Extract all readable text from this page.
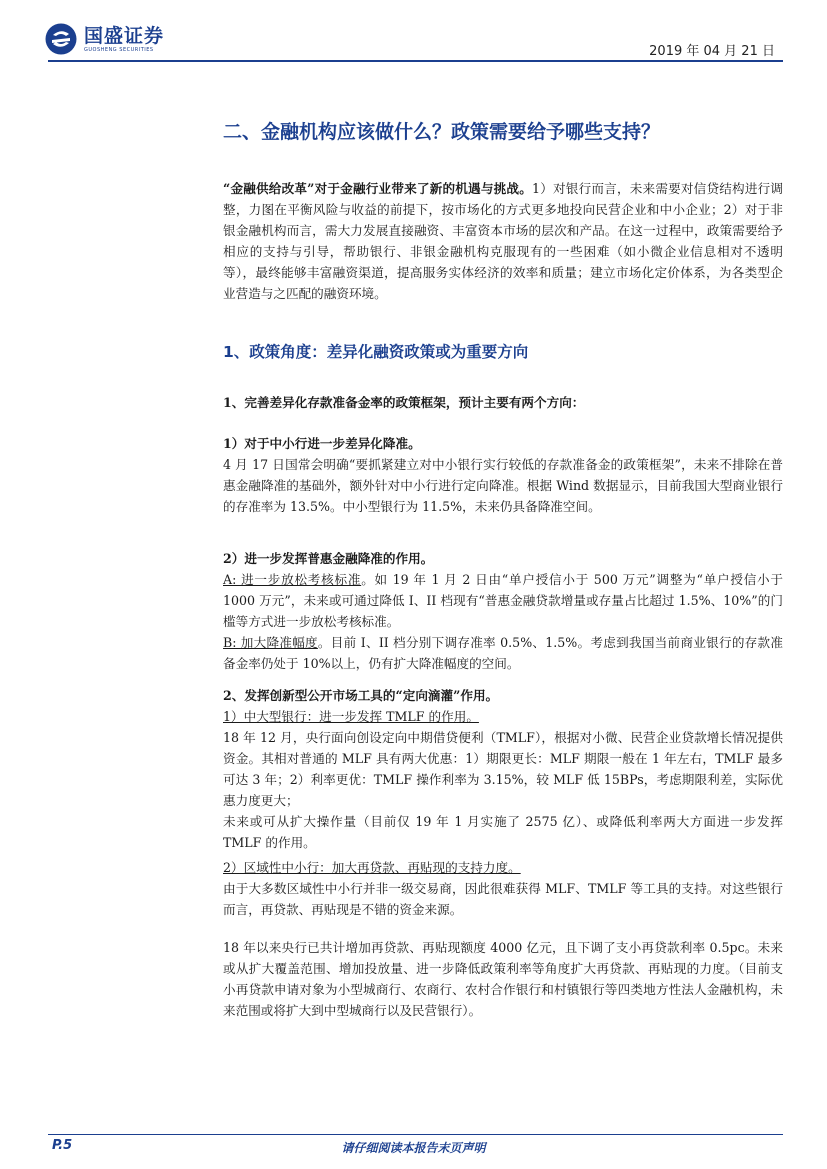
国盛证券
GUOSHENG SECURITIES	2019 年 04 月 21 日
二、金融机构应该做什么？政策需要给予哪些支持？

“金融供给改革”对于金融行业带来了新的机遇与挑战。1）对银行而言，未来需要对信贷结构进行调整，力图在平衡风险与收益的前提下，按市场化的方式更多地投向民营企业和中小企业；2）对于非银金融机构而言，需大力发展直接融资、丰富资本市场的层次和产品。在这一过程中，政策需要给予相应的支持与引导，帮助银行、非银金融机构克服现有的一些困难（如小微企业信息相对不透明等），最终能够丰富融资渠道，提高服务实体经济的效率和质量；建立市场化定价体系，为各类型企业营造与之匹配的融资环境。

1、政策角度：差异化融资政策或为重要方向

1、完善差异化存款准备金率的政策框架，预计主要有两个方向：

1）对于中小行进一步差异化降准。

4 月 17 日国常会明确“要抓紧建立对中小银行实行较低的存款准备金的政策框架”，未来不排除在普惠金融降准的基础外，额外针对中小行进行定向降准。根据 Wind 数据显示，目前我国大型商业银行的存准率为 13.5%。中小型银行为 11.5%，未来仍具备降准空间。

2）进一步发挥普惠金融降准的作用。

A: 进一步放松考核标准。如 19 年 1 月 2 日由“单户授信小于 500 万元”调整为“单户授信小于 1000 万元”，未来或可通过降低 I、II 档现有“普惠金融贷款增量或存量占比超过 1.5%、10%”的门槛等方式进一步放松考核标准。

B: 加大降准幅度。目前 I、II 档分别下调存准率 0.5%、1.5%。考虑到我国当前商业银行的存款准备金率仍处于 10%以上，仍有扩大降准幅度的空间。

2、发挥创新型公开市场工具的“定向滴灌”作用。

1）中大型银行：进一步发挥 TMLF 的作用。

18 年 12 月，央行面向创设定向中期借贷便利（TMLF），根据对小微、民营企业贷款增长情况提供资金。其相对普通的 MLF 具有两大优惠：1）期限更长：MLF 期限一般在 1 年左右，TMLF 最多可达 3 年；2）利率更优：TMLF 操作利率为 3.15%，较 MLF 低 15BPs，考虑期限利差，实际优惠力度更大；

未来或可从扩大操作量（目前仅 19 年 1 月实施了 2575 亿）、或降低利率两大方面进一步发挥 TMLF 的作用。

2）区域性中小行：加大再贷款、再贴现的支持力度。

由于大多数区域性中小行并非一级交易商，因此很难获得 MLF、TMLF 等工具的支持。对这些银行而言，再贷款、再贴现是不错的资金来源。

18 年以来央行已共计增加再贷款、再贴现额度 4000 亿元，且下调了支小再贷款利率 0.5pc。未来或从扩大覆盖范围、增加投放量、进一步降低政策利率等角度扩大再贷款、再贴现的力度。（目前支小再贷款申请对象为小型城商行、农商行、农村合作银行和村镇银行等四类地方性法人金融机构，未来范围或将扩大到中型城商行以及民营银行）。

P.5	请仔细阅读本报告末页声明
